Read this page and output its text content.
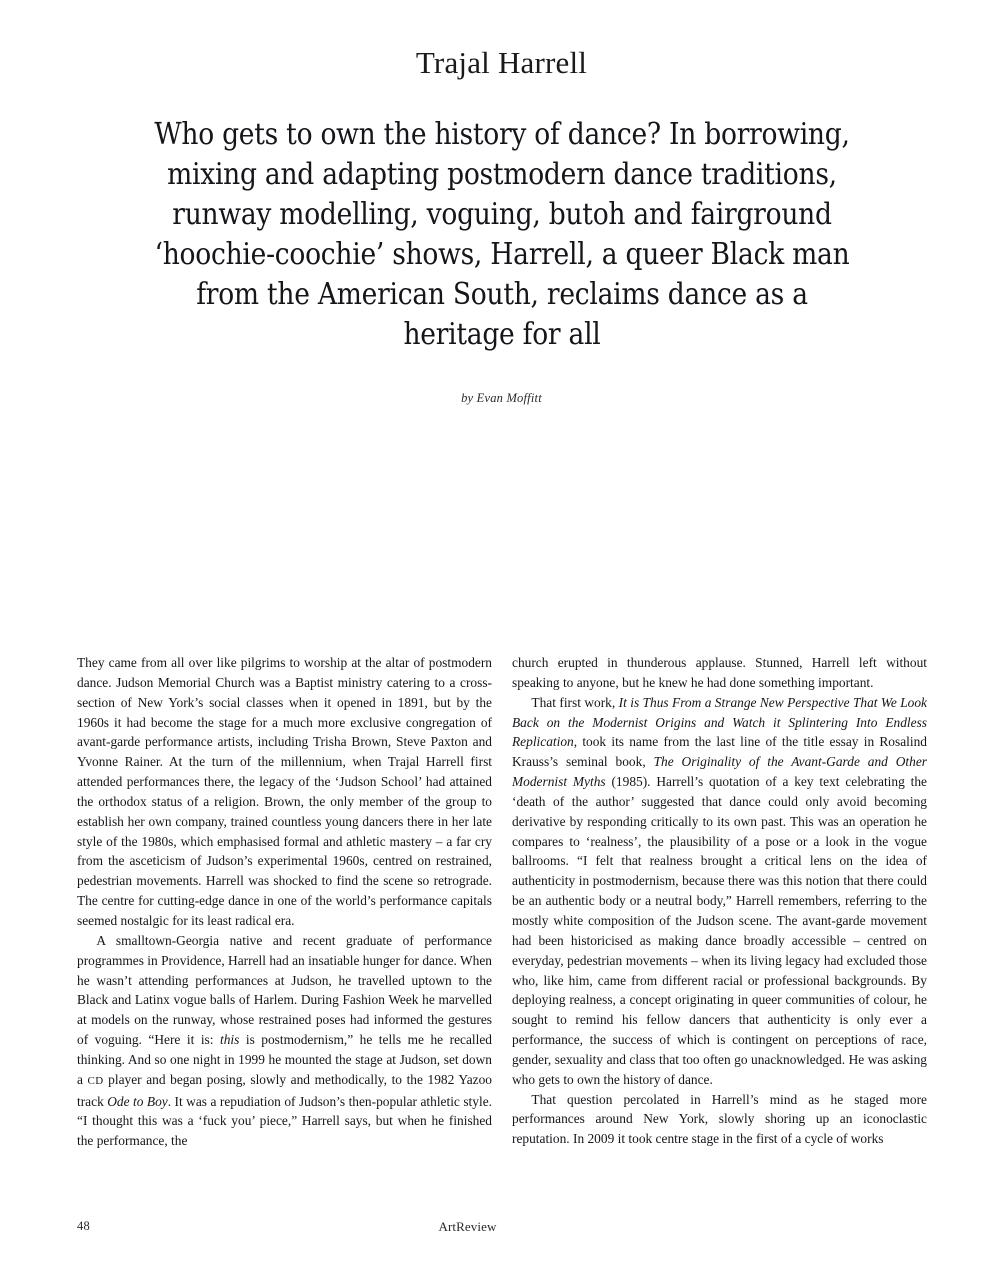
Trajal Harrell
Who gets to own the history of dance? In borrowing, mixing and adapting postmodern dance traditions, runway modelling, voguing, butoh and fairground ‘hoochie-coochie’ shows, Harrell, a queer Black man from the American South, reclaims dance as a heritage for all
by Evan Moffitt

They came from all over like pilgrims to worship at the altar of postmodern dance. Judson Memorial Church was a Baptist ministry catering to a cross-section of New York’s social classes when it opened in 1891, but by the 1960s it had become the stage for a much more exclusive congregation of avant-garde performance artists, including Trisha Brown, Steve Paxton and Yvonne Rainer. At the turn of the millennium, when Trajal Harrell first attended performances there, the legacy of the ‘Judson School’ had attained the orthodox status of a religion. Brown, the only member of the group to establish her own company, trained countless young dancers there in her late style of the 1980s, which emphasised formal and athletic mastery – a far cry from the asceticism of Judson’s experimental 1960s, centred on restrained, pedestrian movements. Harrell was shocked to find the scene so retrograde. The centre for cutting-edge dance in one of the world’s performance capitals seemed nostalgic for its least radical era.

A smalltown-Georgia native and recent graduate of performance programmes in Providence, Harrell had an insatiable hunger for dance. When he wasn’t attending performances at Judson, he travelled uptown to the Black and Latinx vogue balls of Harlem. During Fashion Week he marvelled at models on the runway, whose restrained poses had informed the gestures of voguing. “Here it is: this is postmodernism,” he tells me he recalled thinking. And so one night in 1999 he mounted the stage at Judson, set down a CD player and began posing, slowly and methodically, to the 1982 Yazoo track Ode to Boy. It was a repudiation of Judson’s then-popular athletic style. “I thought this was a ‘fuck you’ piece,” Harrell says, but when he finished the performance, the

church erupted in thunderous applause. Stunned, Harrell left without speaking to anyone, but he knew he had done something important.

That first work, It is Thus From a Strange New Perspective That We Look Back on the Modernist Origins and Watch it Splintering Into Endless Replication, took its name from the last line of the title essay in Rosalind Krauss’s seminal book, The Originality of the Avant-Garde and Other Modernist Myths (1985). Harrell’s quotation of a key text celebrating the ‘death of the author’ suggested that dance could only avoid becoming derivative by responding critically to its own past. This was an operation he compares to ‘realness’, the plausibility of a pose or a look in the vogue ballrooms. “I felt that realness brought a critical lens on the idea of authenticity in postmodernism, because there was this notion that there could be an authentic body or a neutral body,” Harrell remembers, referring to the mostly white composition of the Judson scene. The avant-garde movement had been historicised as making dance broadly accessible – centred on everyday, pedestrian movements – when its living legacy had excluded those who, like him, came from different racial or professional backgrounds. By deploying realness, a concept originating in queer communities of colour, he sought to remind his fellow dancers that authenticity is only ever a performance, the success of which is contingent on perceptions of race, gender, sexuality and class that too often go unacknowledged. He was asking who gets to own the history of dance.

That question percolated in Harrell’s mind as he staged more performances around New York, slowly shoring up an iconoclastic reputation. In 2009 it took centre stage in the first of a cycle of works

48	ArtReview
